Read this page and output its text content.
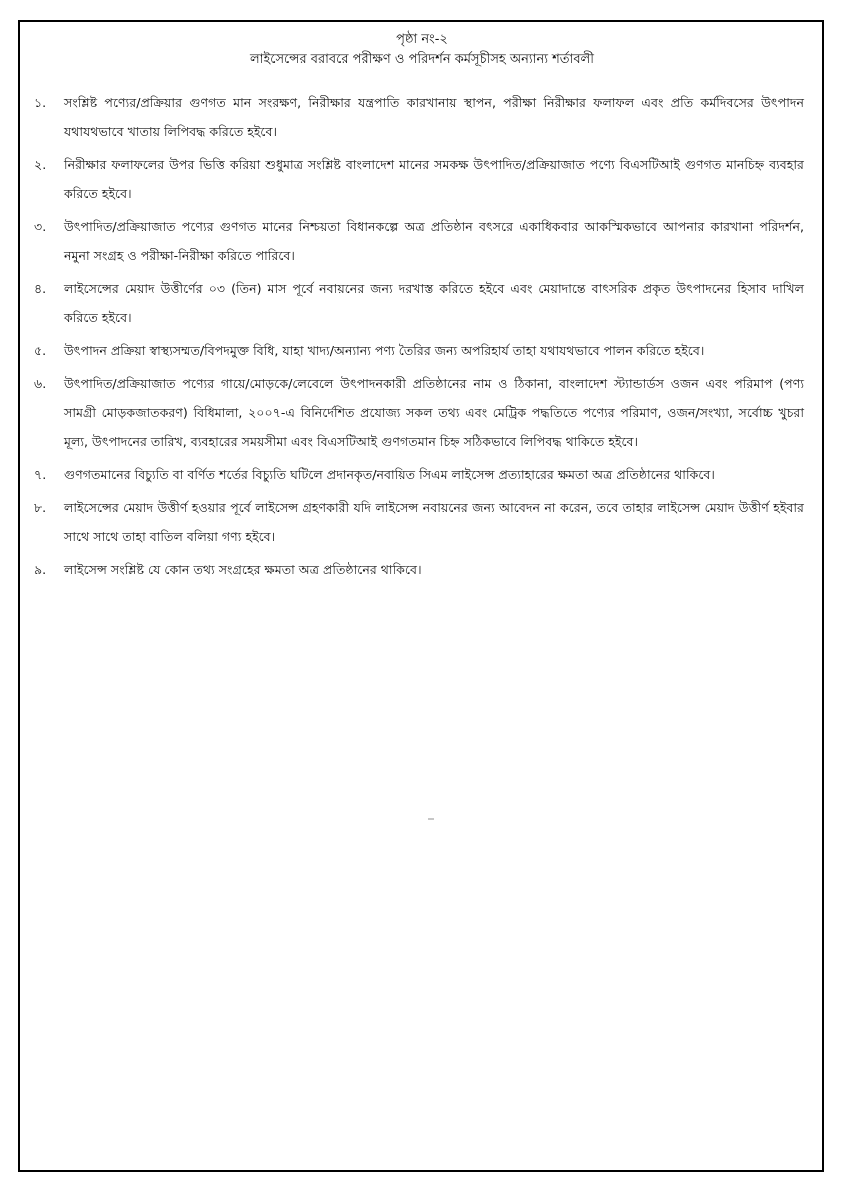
পৃষ্ঠা নং-২

লাইসেন্সের বরাবরে পরীক্ষণ ও পরিদর্শন কর্মসূচীসহ অন্যান্য শর্তাবলী
১.	সংশ্লিষ্ট পণ্যের/প্রক্রিয়ার গুণগত মান সংরক্ষণ, নিরীক্ষার যন্ত্রপাতি কারখানায় স্থাপন, পরীক্ষা নিরীক্ষার ফলাফল এবং প্রতি কর্মদিবসের উৎপাদন যথাযথভাবে খাতায় লিপিবদ্ধ করিতে হইবে।
২.	নিরীক্ষার ফলাফলের উপর ভিত্তি করিয়া শুধুমাত্র সংশ্লিষ্ট বাংলাদেশ মানের সমকক্ষ উৎপাদিত/প্রক্রিয়াজাত পণ্যে বিএসটিআই গুণগত মানচিহ্ন ব্যবহার করিতে হইবে।
৩.	উৎপাদিত/প্রক্রিয়াজাত পণ্যের গুণগত মানের নিশ্চয়তা বিধানকল্পে অত্র প্রতিষ্ঠান বৎসরে একাধিকবার আকস্মিকভাবে আপনার কারখানা পরিদর্শন, নমুনা সংগ্রহ ও পরীক্ষা-নিরীক্ষা করিতে পারিবে।
৪.	লাইসেন্সের মেয়াদ উত্তীর্ণের ০৩ (তিন) মাস পূর্বে নবায়নের জন্য দরখাস্ত করিতে হইবে এবং মেয়াদান্তে বাৎসরিক প্রকৃত উৎপাদনের হিসাব দাখিল করিতে হইবে।
৫.	উৎপাদন প্রক্রিয়া স্বাস্থ্যসম্মত/বিপদমুক্ত বিধি, যাহা খাদ্য/অন্যান্য পণ্য তৈরির জন্য অপরিহার্য তাহা যথাযথভাবে পালন করিতে হইবে।
৬.	উৎপাদিত/প্রক্রিয়াজাত পণ্যের গায়ে/মোড়কে/লেবেলে উৎপাদনকারী প্রতিষ্ঠানের নাম ও ঠিকানা, বাংলাদেশ স্ট্যান্ডার্ডস ওজন এবং পরিমাপ (পণ্য সামগ্রী মোড়কজাতকরণ) বিধিমালা, ২০০৭-এ বিনির্দেশিত প্রযোজ্য সকল তথ্য এবং মেট্রিক পদ্ধতিতে পণ্যের পরিমাণ, ওজন/সংখ্যা, সর্বোচ্চ খুচরা মূল্য, উৎপাদনের তারিখ, ব্যবহারের সময়সীমা এবং বিএসটিআই গুণগতমান চিহ্ন সঠিকভাবে লিপিবদ্ধ থাকিতে হইবে।
৭.	গুণগতমানের বিচ্যুতি বা বর্ণিত শর্তের বিচ্যুতি ঘটিলে প্রদানকৃত/নবায়িত সিএম লাইসেন্স প্রত্যাহারের ক্ষমতা অত্র প্রতিষ্ঠানের থাকিবে।
৮.	লাইসেন্সের মেয়াদ উত্তীর্ণ হওয়ার পূর্বে লাইসেন্স গ্রহণকারী যদি লাইসেন্স নবায়নের জন্য আবেদন না করেন, তবে তাহার লাইসেন্স মেয়াদ উত্তীর্ণ হইবার সাথে সাথে তাহা বাতিল বলিয়া গণ্য হইবে।
৯.	লাইসেন্স সংশ্লিষ্ট যে কোন তথ্য সংগ্রহের ক্ষমতা অত্র প্রতিষ্ঠানের থাকিবে।
